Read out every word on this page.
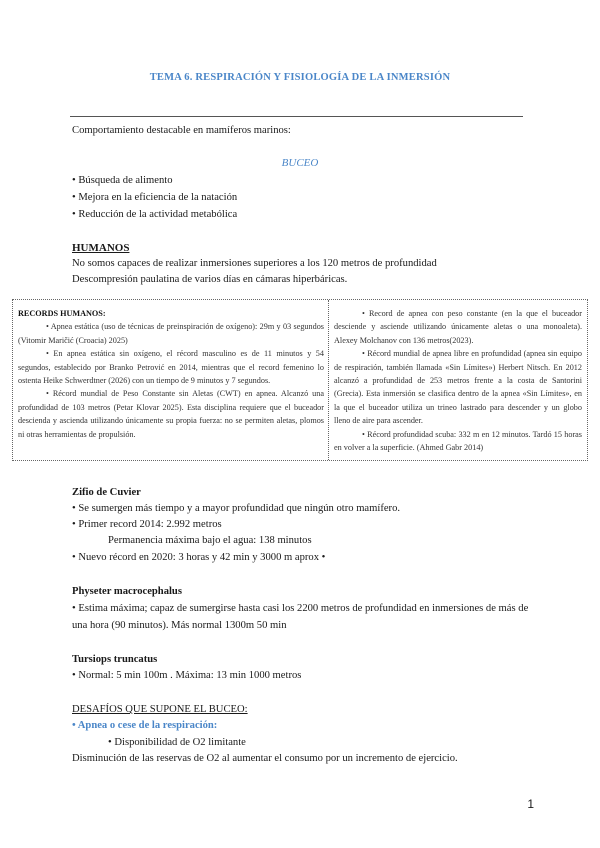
TEMA 6. RESPIRACIÓN Y FISIOLOGÍA DE LA INMERSIÓN
Comportamiento destacable en mamíferos marinos:
BUCEO
• Búsqueda de alimento
• Mejora en la eficiencia de la natación
• Reducción de la actividad metabólica
HUMANOS
No somos capaces de realizar inmersiones superiores a los 120 metros de profundidad
Descompresión paulatina de varios días en cámaras hiperbáricas.

RECORDS HUMANOS:

• Apnea estática (uso de técnicas de preinspiración de oxígeno): 29m y 03 segundos (Vitomir Maričić (Croacia) 2025)

• En apnea estática sin oxígeno, el récord masculino es de 11 minutos y 54 segundos, establecido por Branko Petrović en 2014, mientras que el record femenino lo ostenta Heike Schwerdtner (2026) con un tiempo de 9 minutos y 7 segundos.

• Récord mundial de Peso Constante sin Aletas (CWT) en apnea. Alcanzó una profundidad de 103 metros (Petar Klovar 2025). Esta disciplina requiere que el buceador descienda y ascienda utilizando únicamente su propia fuerza: no se permiten aletas, plomos ni otras herramientas de propulsión.

• Record de apnea con peso constante (en la que el buceador desciende y asciende utilizando únicamente aletas o una monoaleta). Alexey Molchanov con 136 metros(2023).

• Récord mundial de apnea libre en profundidad (apnea sin equipo de respiración, también llamada «Sin Límites») Herbert Nitsch. En 2012 alcanzó a profundidad de 253 metros frente a la costa de Santorini (Grecia). Esta inmersión se clasifica dentro de la apnea «Sin Límites», en la que el buceador utiliza un trineo lastrado para descender y un globo lleno de aire para ascender.

• Récord profundidad scuba: 332 m en 12 minutos. Tardó 15 horas en volver a la superficie. (Ahmed Gabr 2014)

Zifio de Cuvier
• Se sumergen más tiempo y a mayor profundidad que ningún otro mamífero.
• Primer record 2014: 2.992 metros
Permanencia máxima bajo el agua: 138 minutos
• Nuevo récord en 2020: 3 horas y 42 min y 3000 m aprox •
Physeter macrocephalus
• Estima máxima; capaz de sumergirse hasta casi los 2200 metros de profundidad en inmersiones de más de
una hora (90 minutos). Más normal 1300m 50 min
Tursiops truncatus
• Normal: 5 min 100m . Máxima: 13 min 1000 metros
DESAFÍOS QUE SUPONE EL BUCEO:
• Apnea o cese de la respiración:
• Disponibilidad de O2 limitante
Disminución de las reservas de O2 al aumentar el consumo por un incremento de ejercicio.
1
